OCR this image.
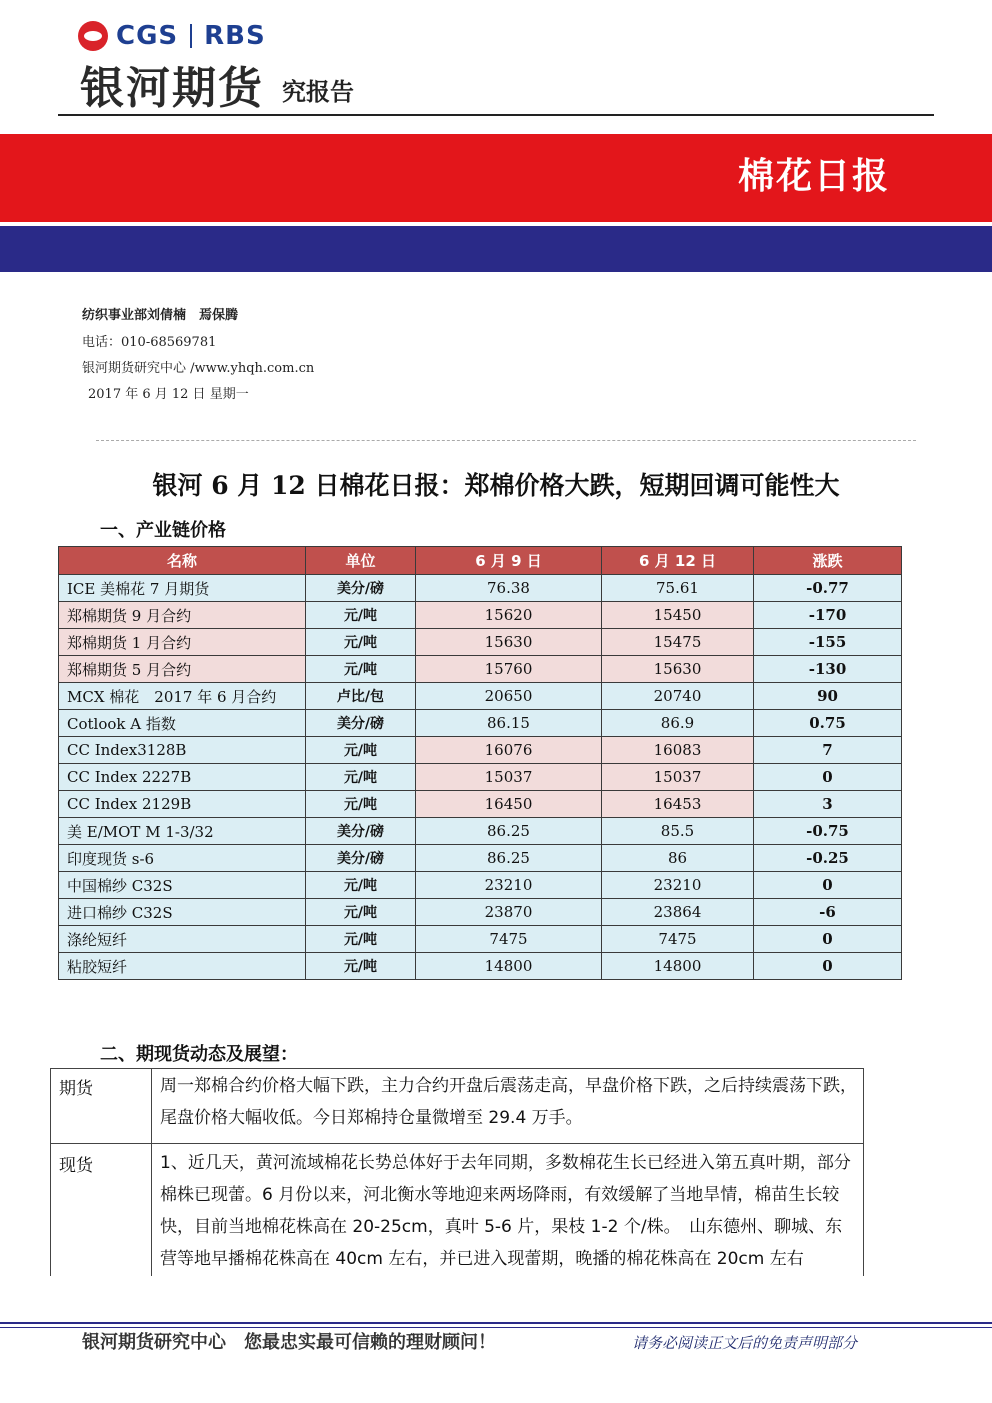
CGS RBS
银河期货 究报告
棉花日报
纺织事业部刘倩楠　焉保腾
电话：010-68569781
银河期货研究中心 /www.yhqh.com.cn
2017 年 6 月 12 日 星期一
银河 6 月 12 日棉花日报：郑棉价格大跌，短期回调可能性大
一、产业链价格
名称	单位	6 月 9 日	6 月 12 日	涨跌
ICE 美棉花 7 月期货	美分/磅	76.38	75.61	-0.77
郑棉期货 9 月合约	元/吨	15620	15450	-170
郑棉期货 1 月合约	元/吨	15630	15475	-155
郑棉期货 5 月合约	元/吨	15760	15630	-130
MCX 棉花　2017 年 6 月合约	卢比/包	20650	20740	90
Cotlook A 指数	美分/磅	86.15	86.9	0.75
CC Index3128B	元/吨	16076	16083	7
CC Index 2227B	元/吨	15037	15037	0
CC Index 2129B	元/吨	16450	16453	3
美 E/MOT M 1-3/32	美分/磅	86.25	85.5	-0.75
印度现货 s-6	美分/磅	86.25	86	-0.25
中国棉纱 C32S	元/吨	23210	23210	0
进口棉纱 C32S	元/吨	23870	23864	-6
涤纶短纤	元/吨	7475	7475	0
粘胶短纤	元/吨	14800	14800	0
二、期现货动态及展望：
期货	周一郑棉合约价格大幅下跌，主力合约开盘后震荡走高，早盘价格下跌，之后持续震荡下跌，尾盘价格大幅收低。今日郑棉持仓量微增至 29.4 万手。
现货	1、近几天，黄河流域棉花长势总体好于去年同期，多数棉花生长已经进入第五真叶期，部分棉株已现蕾。6 月份以来，河北衡水等地迎来两场降雨，有效缓解了当地旱情，棉苗生长较快，目前当地棉花株高在 20-25cm，真叶 5-6 片，果枝 1-2 个/株。　山东德州、聊城、东营等地早播棉花株高在 40cm 左右，并已进入现蕾期，晚播的棉花株高在 20cm 左右
银河期货研究中心　您最忠实最可信赖的理财顾问！	请务必阅读正文后的免责声明部分
